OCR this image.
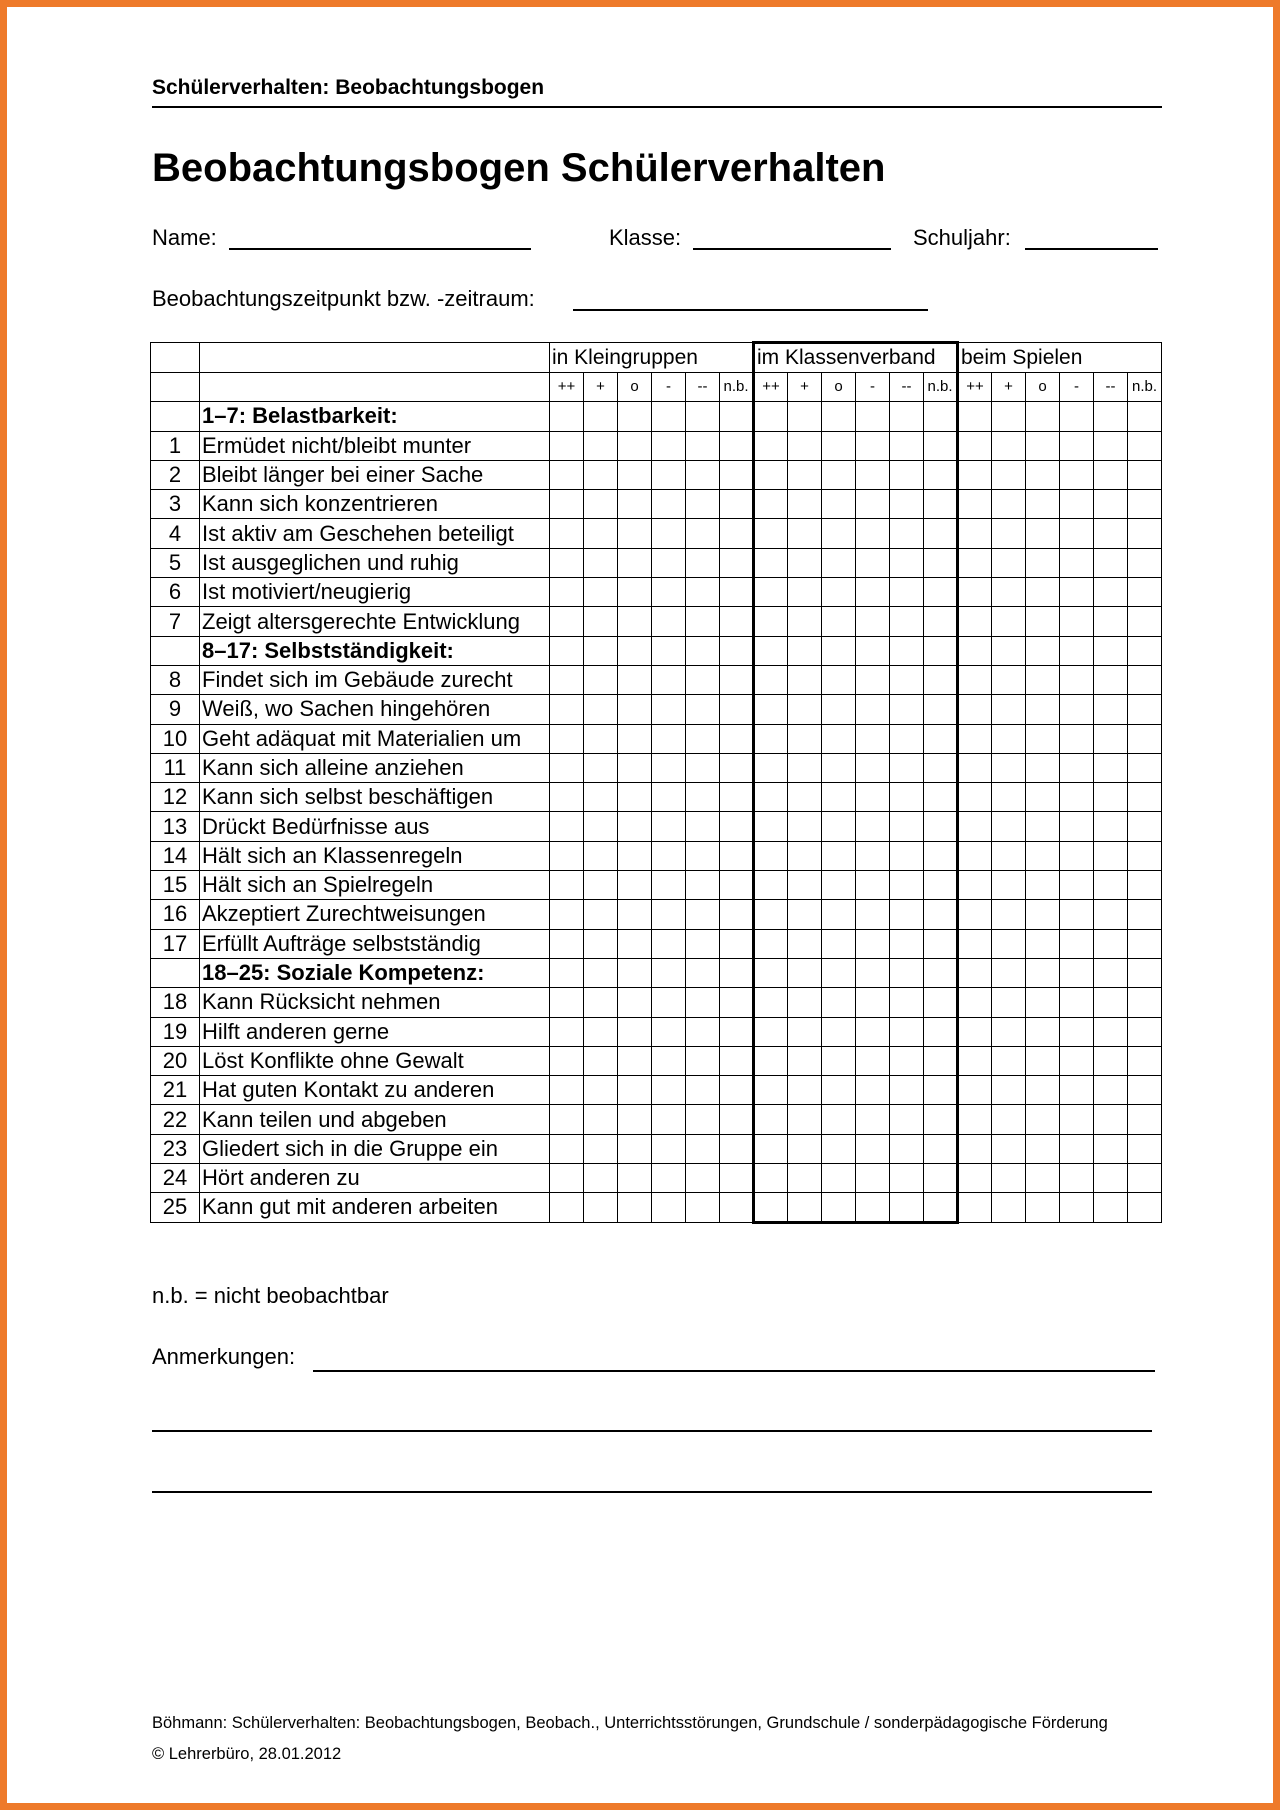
Schülerverhalten: Beobachtungsbogen
Beobachtungsbogen Schülerverhalten
Name:	Klasse:	Schuljahr:
Beobachtungszeitpunkt bzw. -zeitraum:
		in Kleingruppen						im Klassenverband						beim Spielen					
		++	+	o	-	--	n.b.	++	+	o	-	--	n.b.	++	+	o	-	--	n.b.
	1–7: Belastbarkeit:																		
1	Ermüdet nicht/bleibt munter																		
2	Bleibt länger bei einer Sache																		
3	Kann sich konzentrieren																		
4	Ist aktiv am Geschehen beteiligt																		
5	Ist ausgeglichen und ruhig																		
6	Ist motiviert/neugierig																		
7	Zeigt altersgerechte Entwicklung																		
	8–17: Selbstständigkeit:																		
8	Findet sich im Gebäude zurecht																		
9	Weiß, wo Sachen hingehören																		
10	Geht adäquat mit Materialien um																		
11	Kann sich alleine anziehen																		
12	Kann sich selbst beschäftigen																		
13	Drückt Bedürfnisse aus																		
14	Hält sich an Klassenregeln																		
15	Hält sich an Spielregeln																		
16	Akzeptiert Zurechtweisungen																		
17	Erfüllt Aufträge selbstständig																		
	18–25: Soziale Kompetenz:																		
18	Kann Rücksicht nehmen																		
19	Hilft anderen gerne																		
20	Löst Konflikte ohne Gewalt																		
21	Hat guten Kontakt zu anderen																		
22	Kann teilen und abgeben																		
23	Gliedert sich in die Gruppe ein																		
24	Hört anderen zu																		
25	Kann gut mit anderen arbeiten																		
n.b. = nicht beobachtbar
Anmerkungen:
Böhmann: Schülerverhalten: Beobachtungsbogen, Beobach., Unterrichtsstörungen, Grundschule / sonderpädagogische Förderung
© Lehrerbüro, 28.01.2012
